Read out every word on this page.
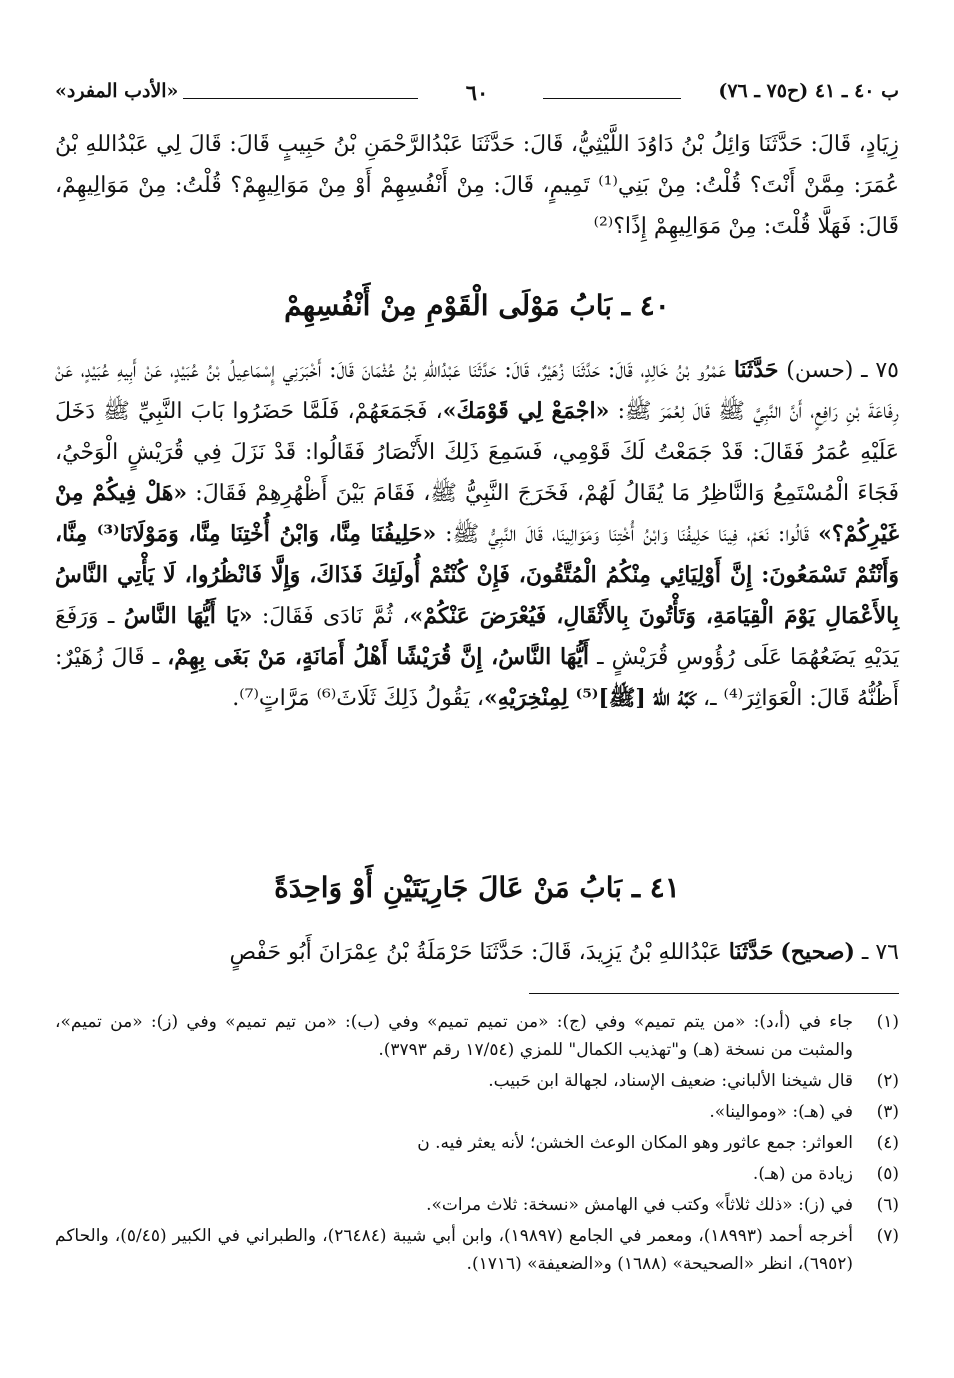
ب ٤٠ ـ ٤١ (ح٧٥ ـ ٧٦)
٦٠
«الأدب المفرد»

زِيَادٍ، قَالَ: حَدَّثَنَا وَائِلُ بْنُ دَاوُدَ اللَّيْثِيُّ، قَالَ: حَدَّثَنَا عَبْدُالرَّحْمَنِ بْنُ حَبِيبٍ قَالَ: قَالَ لِي عَبْدُاللهِ بْنُ عُمَرَ: مِمَّنْ أَنْتَ؟ قُلْتُ: مِنْ بَنِي⁽¹⁾ تَمِيمٍ، قَالَ: مِنْ أَنْفُسِهِمْ أَوْ مِنْ مَوَالِيهِمْ؟ قُلْتُ: مِنْ مَوَالِيهِمْ، قَالَ: فَهَلَّا قُلْتَ: مِنْ مَوَالِيهِمْ إِذًا؟⁽²⁾

٤٠ ـ بَابُ مَوْلَى الْقَوْمِ مِنْ أَنْفُسِهِمْ

٧٥ ـ (حسن) حَدَّثَنَا عَمْرُو بْنُ خَالِدٍ، قَالَ: حَدَّثَنَا زُهَيْرٌ، قَالَ: حَدَّثَنَا عَبْدُاللهِ بْنُ عُثْمَانَ قَالَ: أَخْبَرَنِي إِسْمَاعِيلُ بْنُ عُبَيْدٍ، عَنْ أَبِيهِ عُبَيْدٍ، عَنْ رِفَاعَةَ بْنِ رَافِعٍ، أَنَّ النَّبِيَّ ﷺ قَالَ لِعُمَرَ ﷺ: «اجْمَعْ لِي قَوْمَكَ»، فَجَمَعَهُمْ، فَلَمَّا حَضَرُوا بَابَ النَّبِيِّ ﷺ دَخَلَ عَلَيْهِ عُمَرُ فَقَالَ: قَدْ جَمَعْتُ لَكَ قَوْمِي، فَسَمِعَ ذَلِكَ الأَنْصَارُ فَقَالُوا: قَدْ نَزَلَ فِي قُرَيْشٍ الْوَحْيُ، فَجَاءَ الْمُسْتَمِعُ وَالنَّاظِرُ مَا يُقَالُ لَهُمْ، فَخَرَجَ النَّبِيُّ ﷺ، فَقَامَ بَيْنَ أَظْهُرِهِمْ فَقَالَ: «هَلْ فِيكُمْ مِنْ غَيْرِكُمْ؟» قَالُوا: نَعَمْ، فِينَا حَلِيفُنَا وَابْنُ أُخْتِنَا وَمَوَالِينَا، قَالَ النَّبِيُّ ﷺ: «حَلِيفُنَا مِنَّا، وَابْنُ أُخْتِنَا مِنَّا، وَمَوْلَانَا⁽³⁾ مِنَّا، وَأَنْتُمْ تَسْمَعُونَ: إِنَّ أَوْلِيَائِي مِنْكُمُ الْمُتَّقُونَ، فَإِنْ كُنْتُمْ أُولَئِكَ فَذَاكَ، وَإِلَّا فَانْظُرُوا، لَا يَأْتِي النَّاسُ بِالأَعْمَالِ يَوْمَ الْقِيَامَةِ، وَتَأْتُونَ بِالأَثْقَالِ، فَيُعْرَضَ عَنْكُمْ»، ثُمَّ نَادَى فَقَالَ: «يَا أَيُّهَا النَّاسُ ـ وَرَفَعَ يَدَيْهِ يَضَعُهُمَا عَلَى رُؤُوسِ قُرَيْشٍ ـ أَيُّهَا النَّاسُ، إِنَّ قُرَيْشًا أَهْلُ أَمَانَةٍ، مَنْ بَغَى بِهِمْ، ـ قَالَ زُهَيْرٌ: أَظُنُّهُ قَالَ: الْعَوَاثِرَ⁽⁴⁾ ـ، كَبَّهُ اللهُ [ﷺ]⁽⁵⁾ لِمِنْخِرَيْهِ»، يَقُولُ ذَلِكَ ثَلَاثَ⁽⁶⁾ مَرَّاتٍ⁽⁷⁾.

٤١ ـ بَابُ مَنْ عَالَ جَارِيَتَيْنِ أَوْ وَاحِدَةً

٧٦ ـ (صحيح) حَدَّثَنَا عَبْدُاللهِ بْنُ يَزِيدَ، قَالَ: حَدَّثَنَا حَرْمَلَةُ بْنُ عِمْرَانَ أَبُو حَفْصٍ

(١)
جاء في (أ،د): «من يتم تميم» وفي (ج): «من تميم تميم» وفي (ب): «من تيم تميم» وفي (ز): «من تميم»، والمثبت من نسخة (هـ) و"تهذيب الكمال" للمزي (١٧/٥٤ رقم ٣٧٩٣).
(٢)
قال شيخنا الألباني: ضعيف الإسناد، لجهالة ابن حَبيب.
(٣)
في (هـ): «وموالينا».
(٤)
العواثر: جمع عاثور وهو المكان الوعث الخشن؛ لأنه يعثر فيه. ن
(٥)
زيادة من (هـ).
(٦)
في (ز): «ذلك ثلاثاً» وكتب في الهامش «نسخة: ثلاث مرات».
(٧)
أخرجه أحمد (١٨٩٩٣)، ومعمر في الجامع (١٩٨٩٧)، وابن أبي شيبة (٢٦٤٨٤)، والطبراني في الكبير (٥/٤٥)، والحاكم (٦٩٥٢)، انظر «الصحيحة» (١٦٨٨) و«الضعيفة» (١٧١٦).
